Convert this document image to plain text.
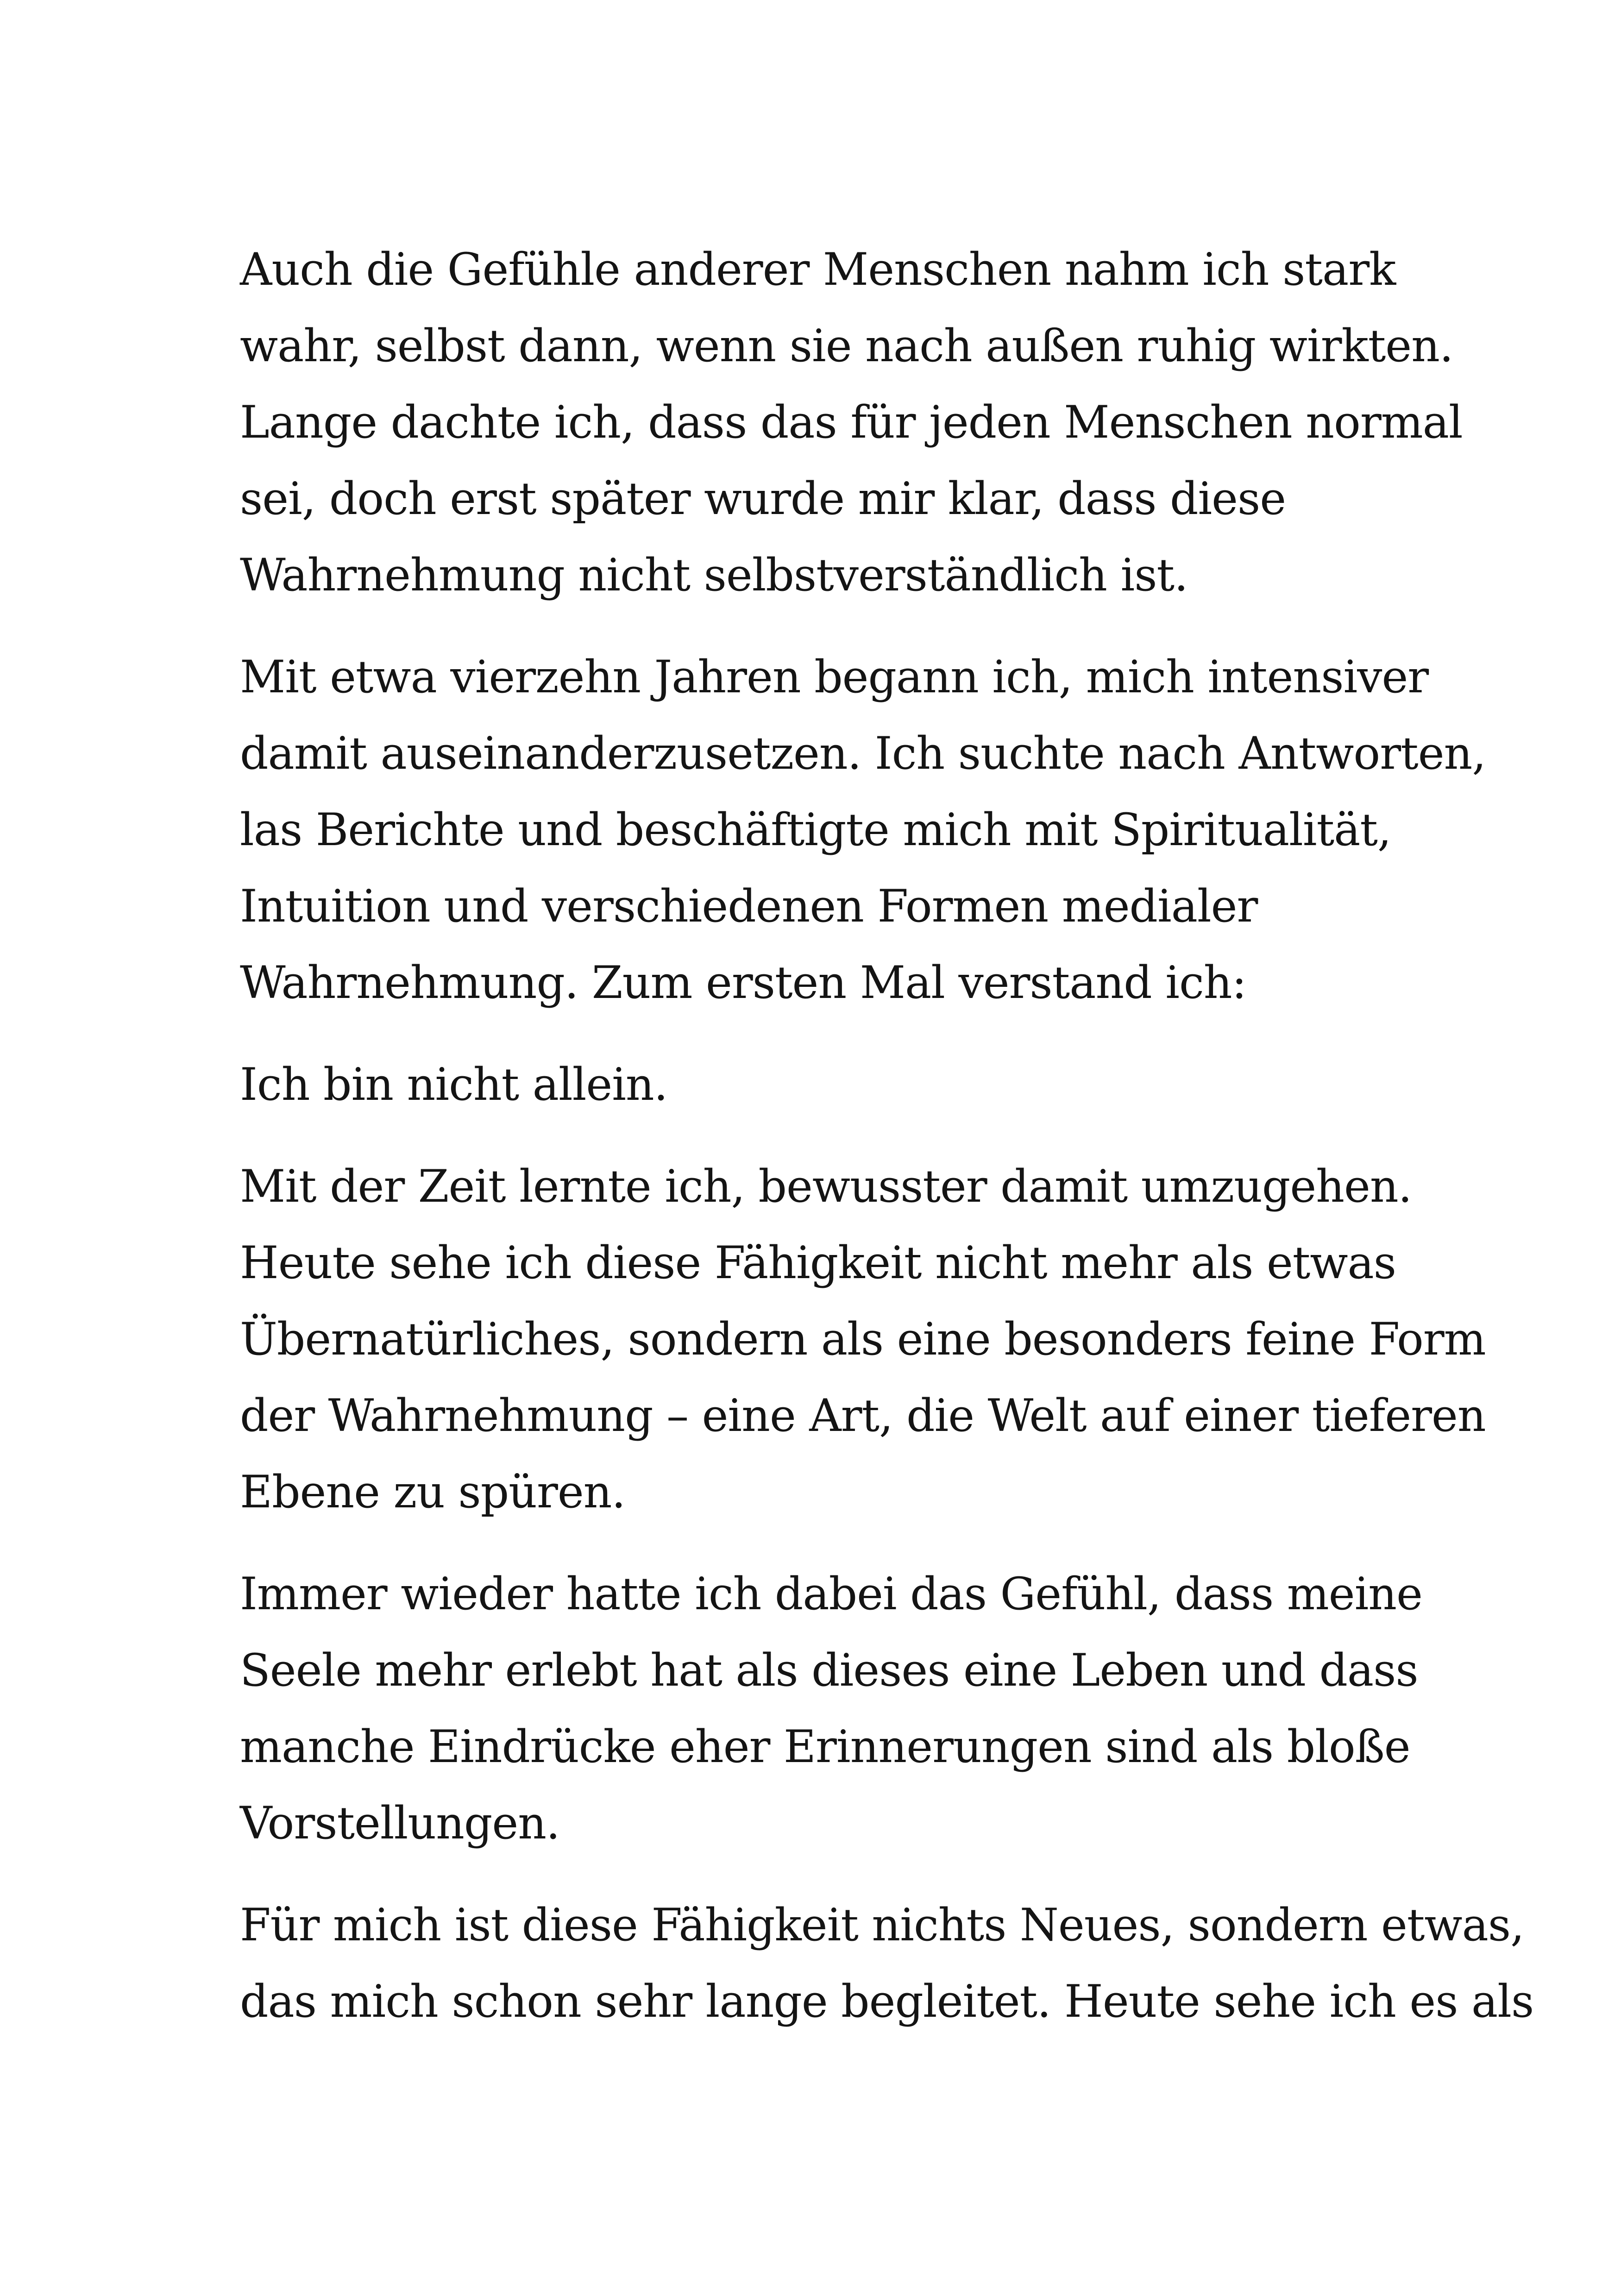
Auch die Gefühle anderer Menschen nahm ich stark
wahr, selbst dann, wenn sie nach außen ruhig wirkten.
Lange dachte ich, dass das für jeden Menschen normal
sei, doch erst später wurde mir klar, dass diese
Wahrnehmung nicht selbstverständlich ist.

Mit etwa vierzehn Jahren begann ich, mich intensiver
damit auseinanderzusetzen. Ich suchte nach Antworten,
las Berichte und beschäftigte mich mit Spiritualität,
Intuition und verschiedenen Formen medialer
Wahrnehmung. Zum ersten Mal verstand ich:

Ich bin nicht allein.

Mit der Zeit lernte ich, bewusster damit umzugehen.
Heute sehe ich diese Fähigkeit nicht mehr als etwas
Übernatürliches, sondern als eine besonders feine Form
der Wahrnehmung – eine Art, die Welt auf einer tieferen
Ebene zu spüren.

Immer wieder hatte ich dabei das Gefühl, dass meine
Seele mehr erlebt hat als dieses eine Leben und dass
manche Eindrücke eher Erinnerungen sind als bloße
Vorstellungen.

Für mich ist diese Fähigkeit nichts Neues, sondern etwas,
das mich schon sehr lange begleitet. Heute sehe ich es als
